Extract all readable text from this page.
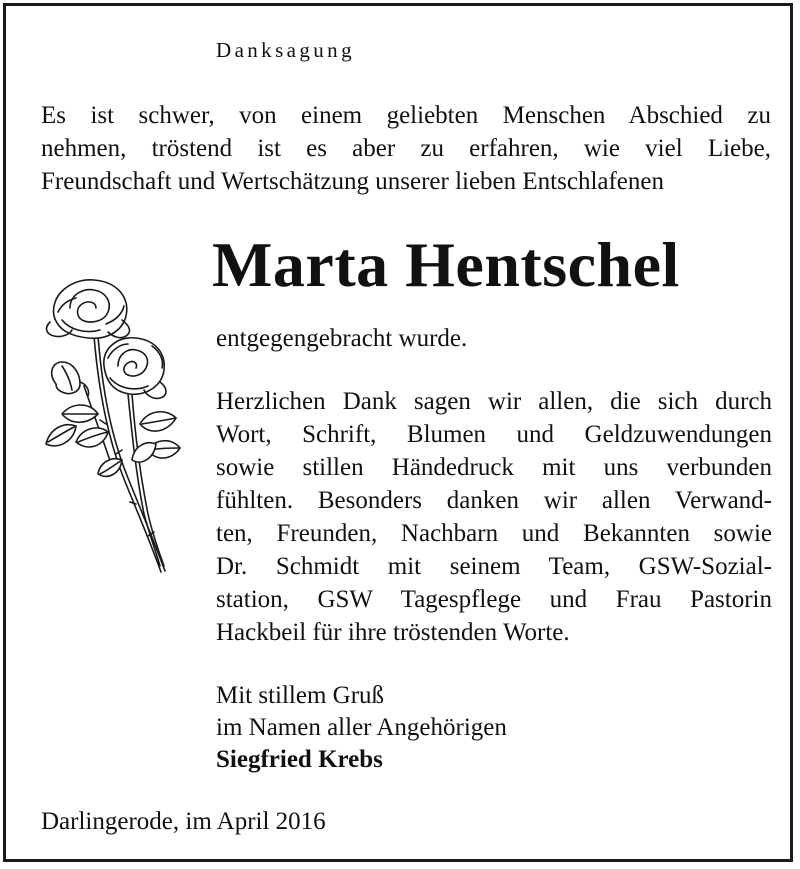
Danksagung

Es ist schwer, von einem geliebten Menschen Abschied zu

nehmen, tröstend ist es aber zu erfahren, wie viel Liebe,

Freundschaft und Wertschätzung unserer lieben Entschlafenen

Marta Hentschel

entgegengebracht wurde.

Herzlichen Dank sagen wir allen, die sich durch

Wort, Schrift, Blumen und Geldzuwendungen

sowie stillen Händedruck mit uns verbunden

fühlten. Besonders danken wir allen Verwand-

ten, Freunden, Nachbarn und Bekannten sowie

Dr. Schmidt mit seinem Team, GSW-Sozial-

station, GSW Tagespflege und Frau Pastorin

Hackbeil für ihre tröstenden Worte.

Mit stillem Gruß

im Namen aller Angehörigen

Siegfried Krebs

Darlingerode, im April 2016
